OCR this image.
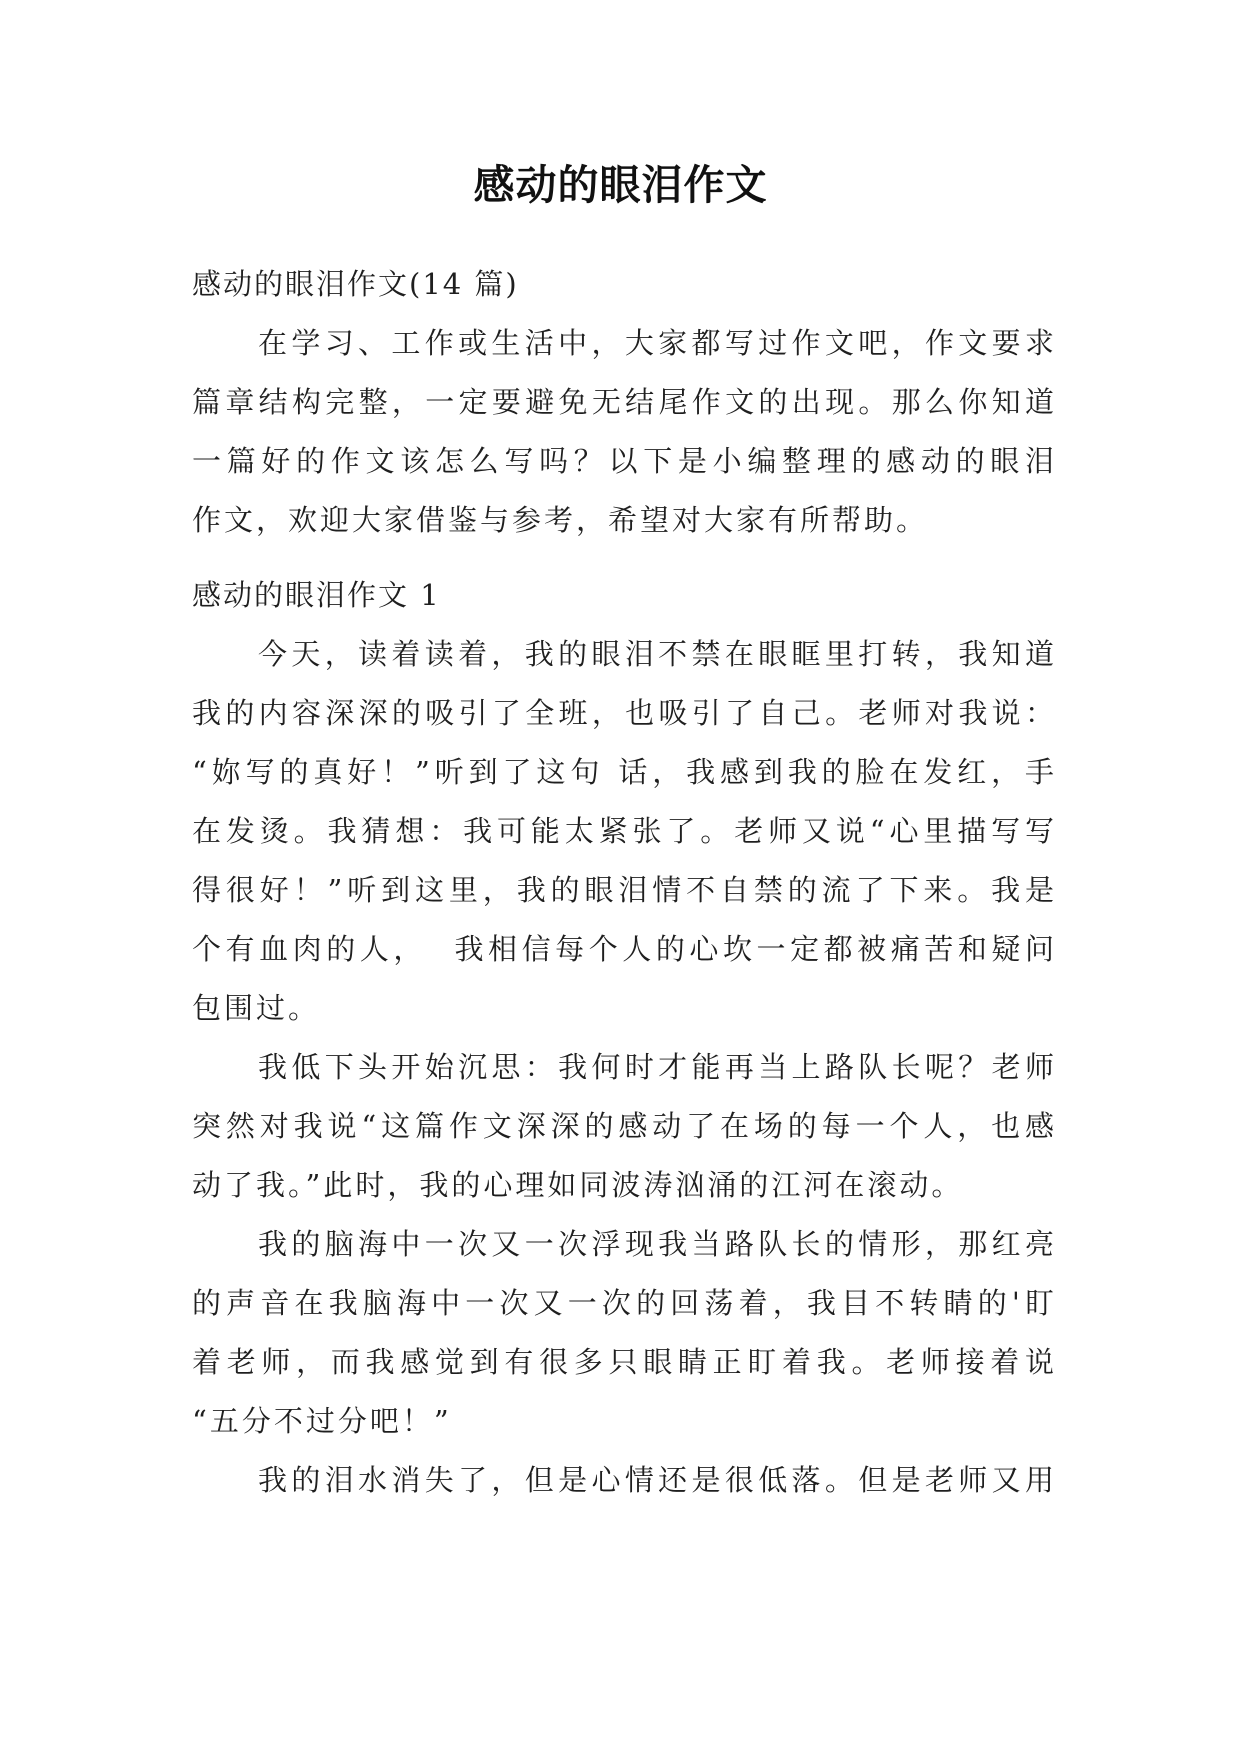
感动的眼泪作文
感动的眼泪作文(14 篇)
在学习、工作或生活中，大家都写过作文吧，作文要求
篇章结构完整，一定要避免无结尾作文的出现。那么你知道
一篇好的作文该怎么写吗？以下是小编整理的感动的眼泪
作文，欢迎大家借鉴与参考，希望对大家有所帮助。
感动的眼泪作文 1
今天，读着读着，我的眼泪不禁在眼眶里打转，我知道
我的内容深深的吸引了全班，也吸引了自己。老师对我说：
“妳写的真好！”听到了这句 话，我感到我的脸在发红，手
在发烫。我猜想：我可能太紧张了。老师又说“心里描写写
得很好！”听到这里，我的眼泪情不自禁的流了下来。我是
个有血肉的人，  我相信每个人的心坎一定都被痛苦和疑问
包围过。
我低下头开始沉思：我何时才能再当上路队长呢？老师
突然对我说“这篇作文深深的感动了在场的每一个人，也感
动了我。”此时，我的心理如同波涛汹涌的江河在滚动。
我的脑海中一次又一次浮现我当路队长的情形，那红亮
的声音在我脑海中一次又一次的回荡着，我目不转睛的'盯
着老师，而我感觉到有很多只眼睛正盯着我。老师接着说
“五分不过分吧！”
我的泪水消失了，但是心情还是很低落。但是老师又用
